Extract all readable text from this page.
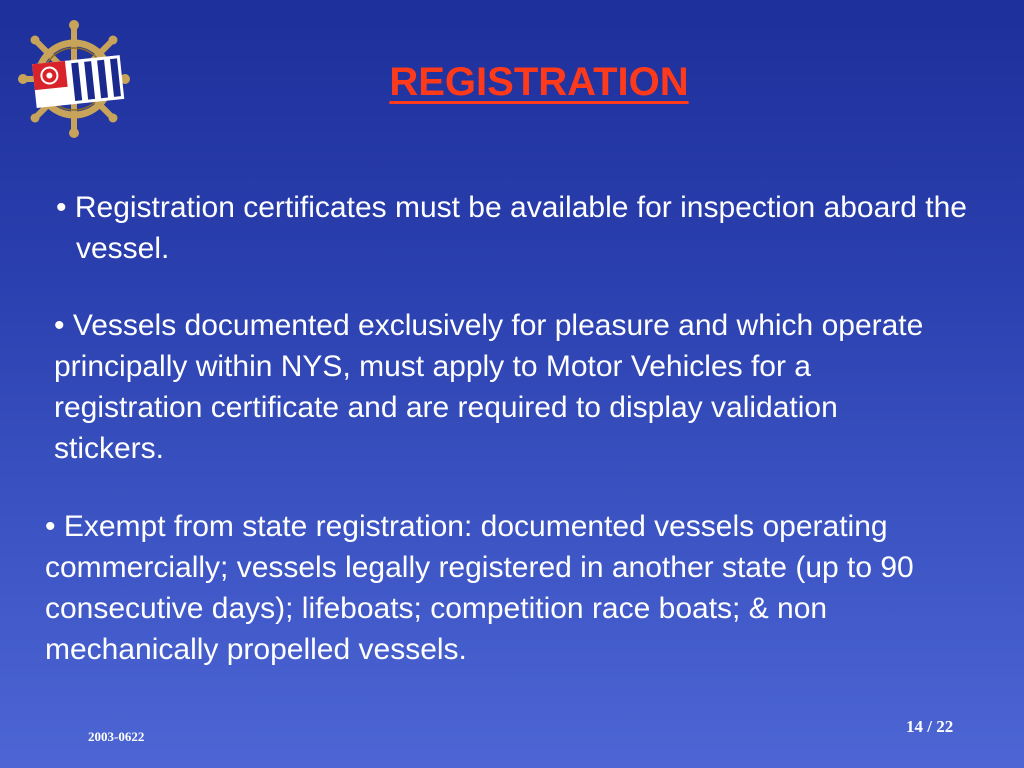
REGISTRATION

• Registration certificates must be available for inspection aboard the vessel.

• Vessels documented exclusively for pleasure and which operate principally within NYS, must apply to Motor Vehicles for a registration certificate and are required to display validation stickers.

• Exempt from state registration: documented vessels operating commercially; vessels legally registered in another state (up to 90 consecutive days); lifeboats; competition race boats; & non mechanically propelled vessels.

2003-0622
14 / 22
